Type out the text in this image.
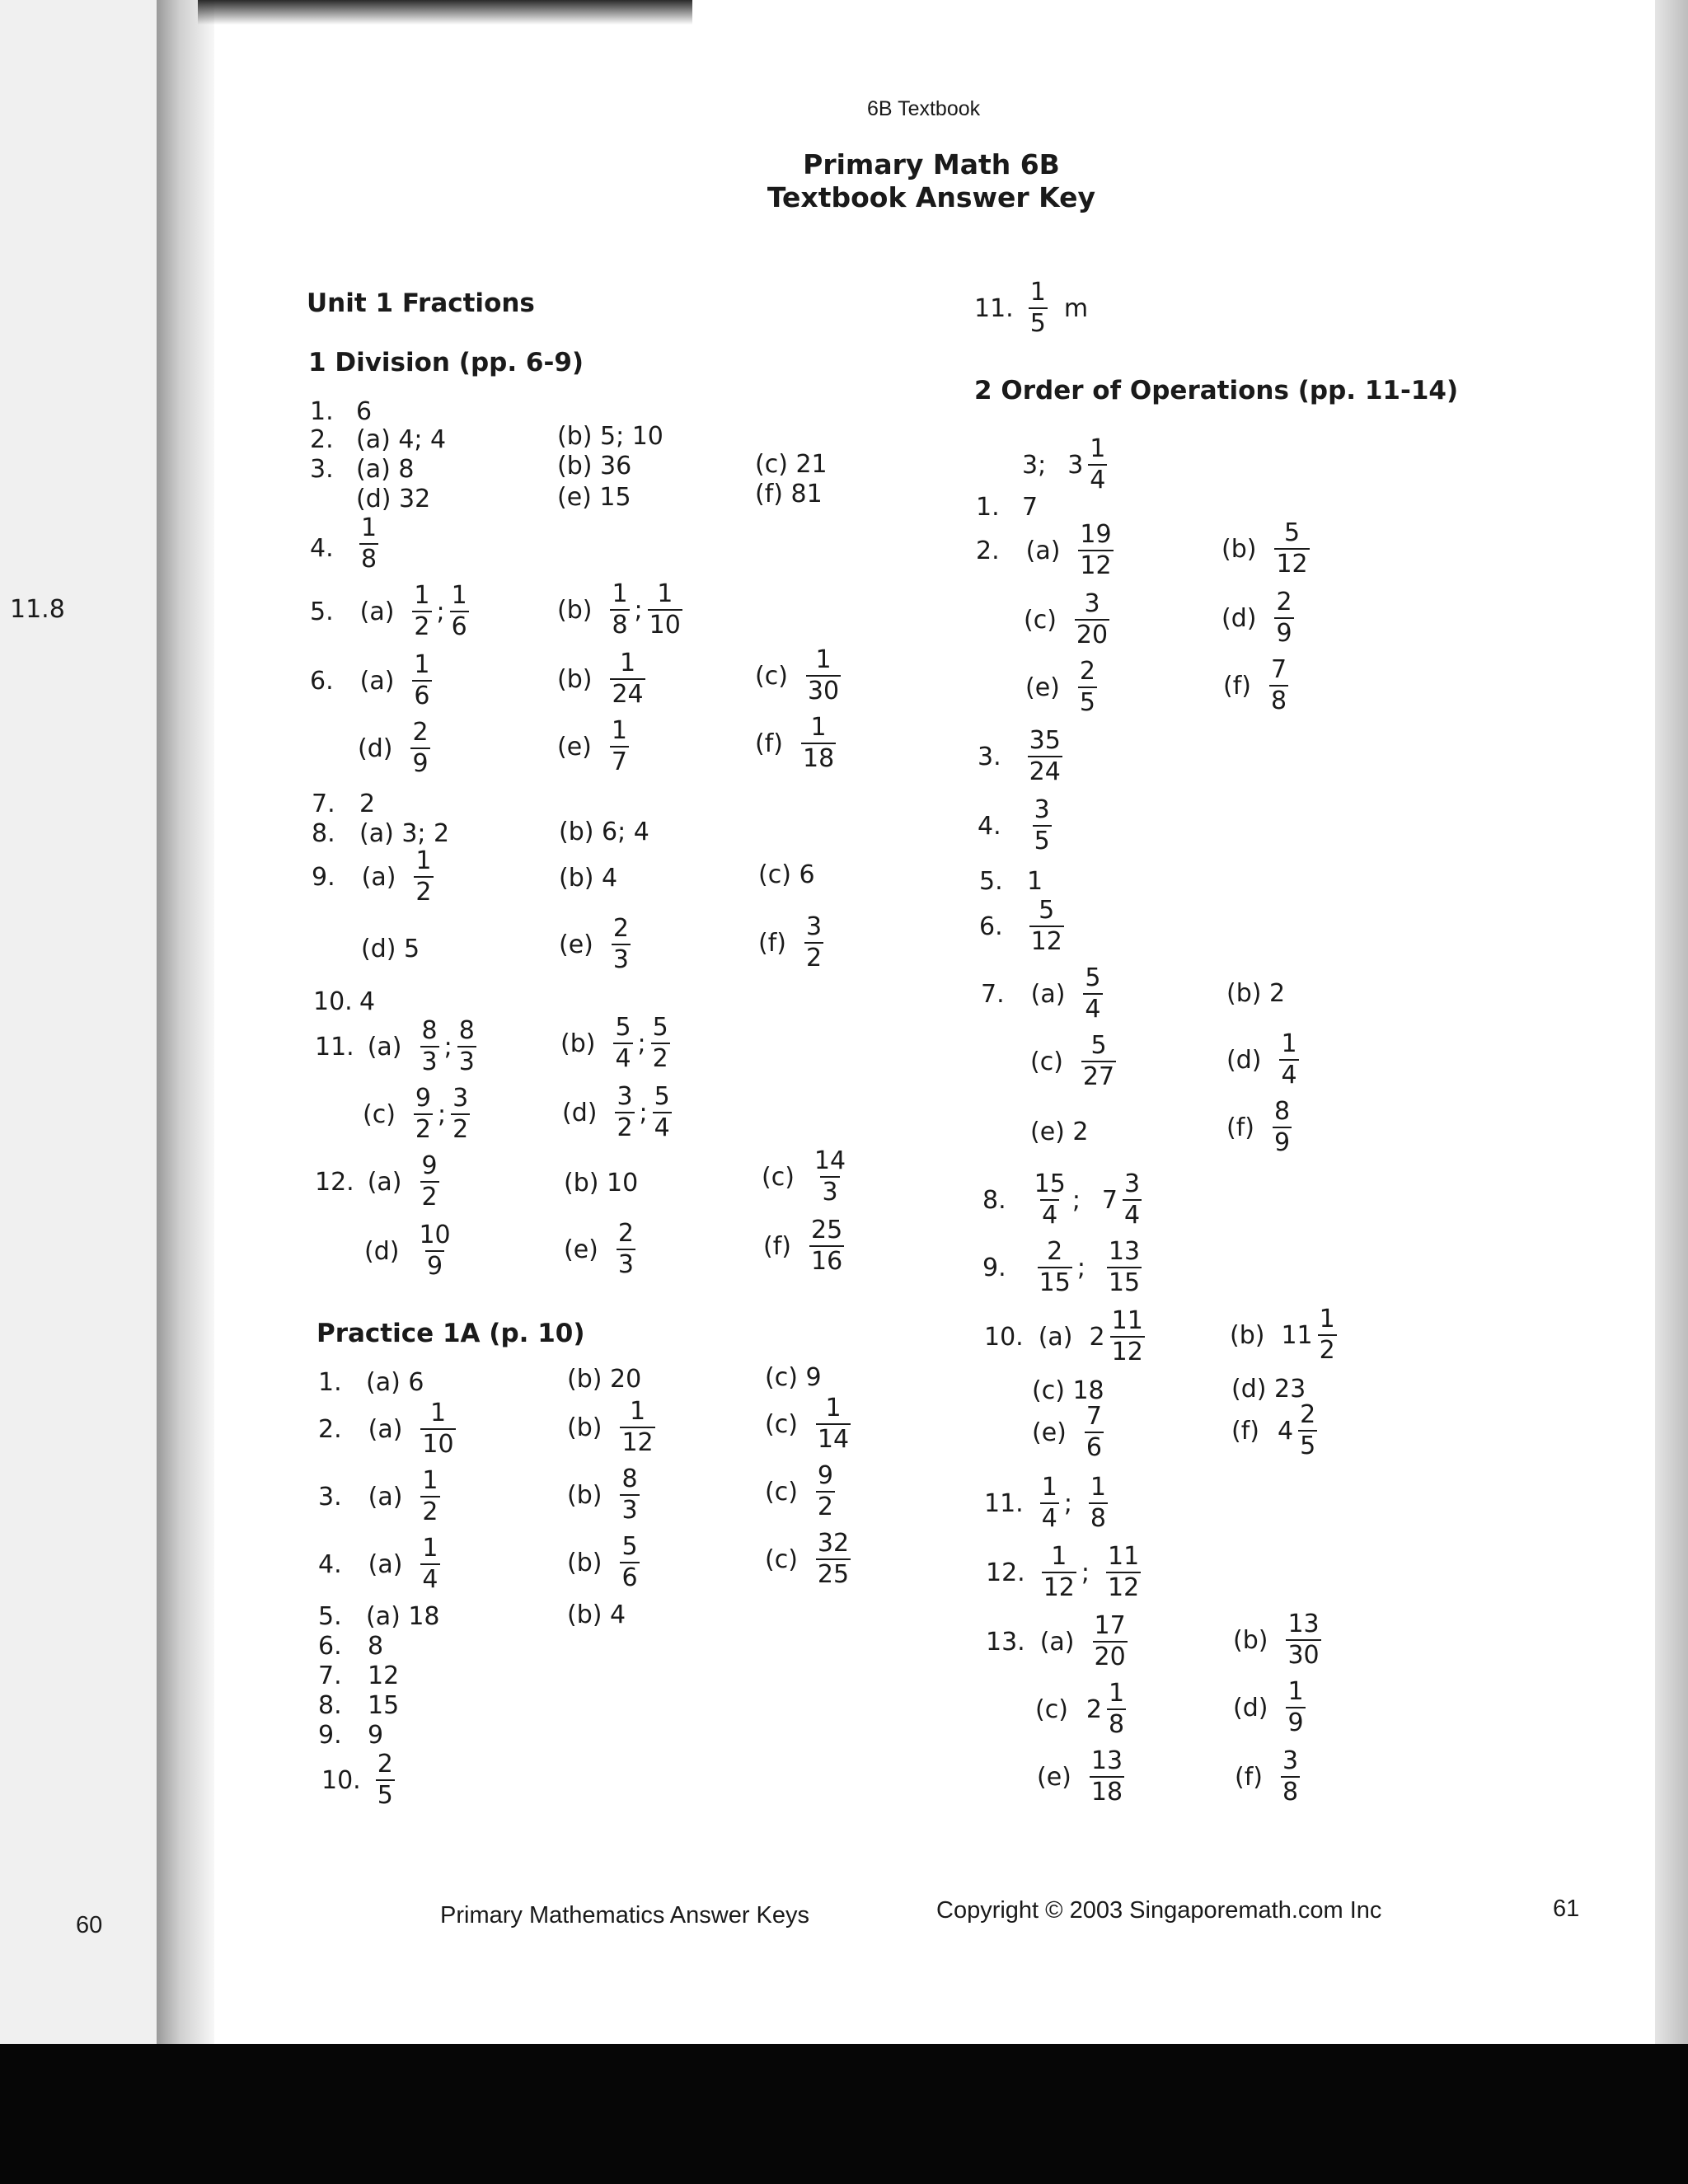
11.8
6B Textbook
Primary Math 6B
Textbook Answer Key
Unit 1 Fractions
1 Division (pp. 6-9)
1. 6
2. (a) 4; 4	(b) 5; 10
3. (a) 8	(b) 36	(c) 21
(d) 32	(e) 15	(f) 81
4. $\frac{1}{8}$
5. $(a) \frac{1}{2}$ ; $\frac{1}{6}$	$(b) \frac{1}{8}$ ; $\frac{1}{10}$
6. $(a) \frac{1}{6}$	$(b) \frac{1}{24}$	$(c) \frac{1}{30}$
$(d) \frac{2}{9}$	$(e) \frac{1}{7}$	$(f) \frac{1}{18}$
7. 2
8. (a) 3; 2	(b) 6; 4
9. $(a) \frac{1}{2}$	(b) 4	(c) 6
(d) 5	$(e) \frac{2}{3}$	$(f) \frac{3}{2}$
10. 4
11. $(a) \frac{8}{3}$ ; $\frac{8}{3}$	$(b) \frac{5}{4}$ ; $\frac{5}{2}$
$(c) \frac{9}{2}$ ; $\frac{3}{2}$	$(d) \frac{3}{2}$ ; $\frac{5}{4}$
12. $(a) \frac{9}{2}$	(b) 10	$(c) \frac{14}{3}$
$(d) \frac{10}{9}$	$(e) \frac{2}{3}$	$(f) \frac{25}{16}$
Practice 1A (p. 10)
1. (a) 6	(b) 20	(c) 9
2. $(a) \frac{1}{10}$	$(b) \frac{1}{12}$	$(c) \frac{1}{14}$
3. $(a) \frac{1}{2}$	$(b) \frac{8}{3}$	$(c) \frac{9}{2}$
4. $(a) \frac{1}{4}$	$(b) \frac{5}{6}$	$(c) \frac{32}{25}$
5. (a) 18	(b) 4
6. 8
7. 12
8. 15
9. 9
10. $\frac{2}{5}$
11. $\frac{1}{5}$ m
2 Order of Operations (pp. 11-14)
3; $3 \frac{1}{4}$
1. 7
2. $(a) \frac{19}{12}$	$(b) \frac{5}{12}$
$(c) \frac{3}{20}$	$(d) \frac{2}{9}$
$(e) \frac{2}{5}$	$(f) \frac{7}{8}$
3. $\frac{35}{24}$
4. $\frac{3}{5}$
5. 1
6. $\frac{5}{12}$
7. $(a) \frac{5}{4}$	(b) 2
$(c) \frac{5}{27}$	$(d) \frac{1}{4}$
(e) 2	$(f) \frac{8}{9}$
8. $\frac{15}{4}$ ; $7 \frac{3}{4}$
9. $\frac{2}{15}$ ; $\frac{13}{15}$
10. (a) $2 \frac{11}{12}$	(b) $11 \frac{1}{2}$
(c) 18	(d) 23
$(e) \frac{7}{6}$	(f) $4 \frac{2}{5}$
11. $\frac{1}{4}$ ; $\frac{1}{8}$
12. $\frac{1}{12}$ ; $\frac{11}{12}$
13. $(a) \frac{17}{20}$	$(b) \frac{13}{30}$
(c) $2 \frac{1}{8}$	$(d) \frac{1}{9}$
$(e) \frac{13}{18}$	$(f) \frac{3}{8}$
60	Primary Mathematics Answer Keys	Copyright © 2003 Singaporemath.com Inc	61
